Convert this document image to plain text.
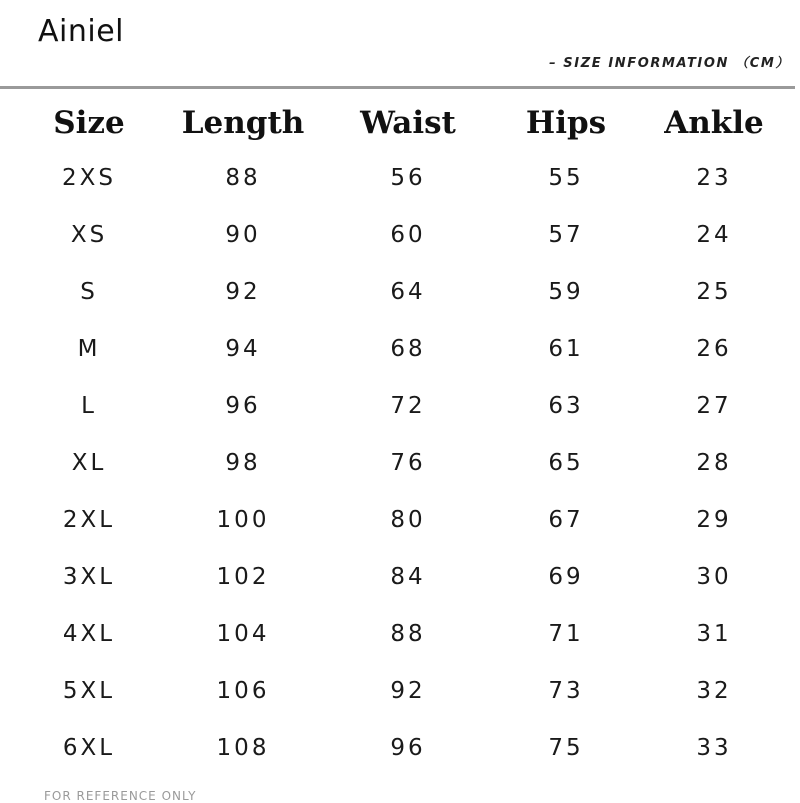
Ainiel
– SIZE INFORMATION （CM）
Size Length Waist Hips Ankle
2XS	88	56	55	23
XS	90	60	57	24
S	92	64	59	25
M	94	68	61	26
L	96	72	63	27
XL	98	76	65	28
2XL	100	80	67	29
3XL	102	84	69	30
4XL	104	88	71	31
5XL	106	92	73	32
6XL	108	96	75	33
FOR REFERENCE ONLY
